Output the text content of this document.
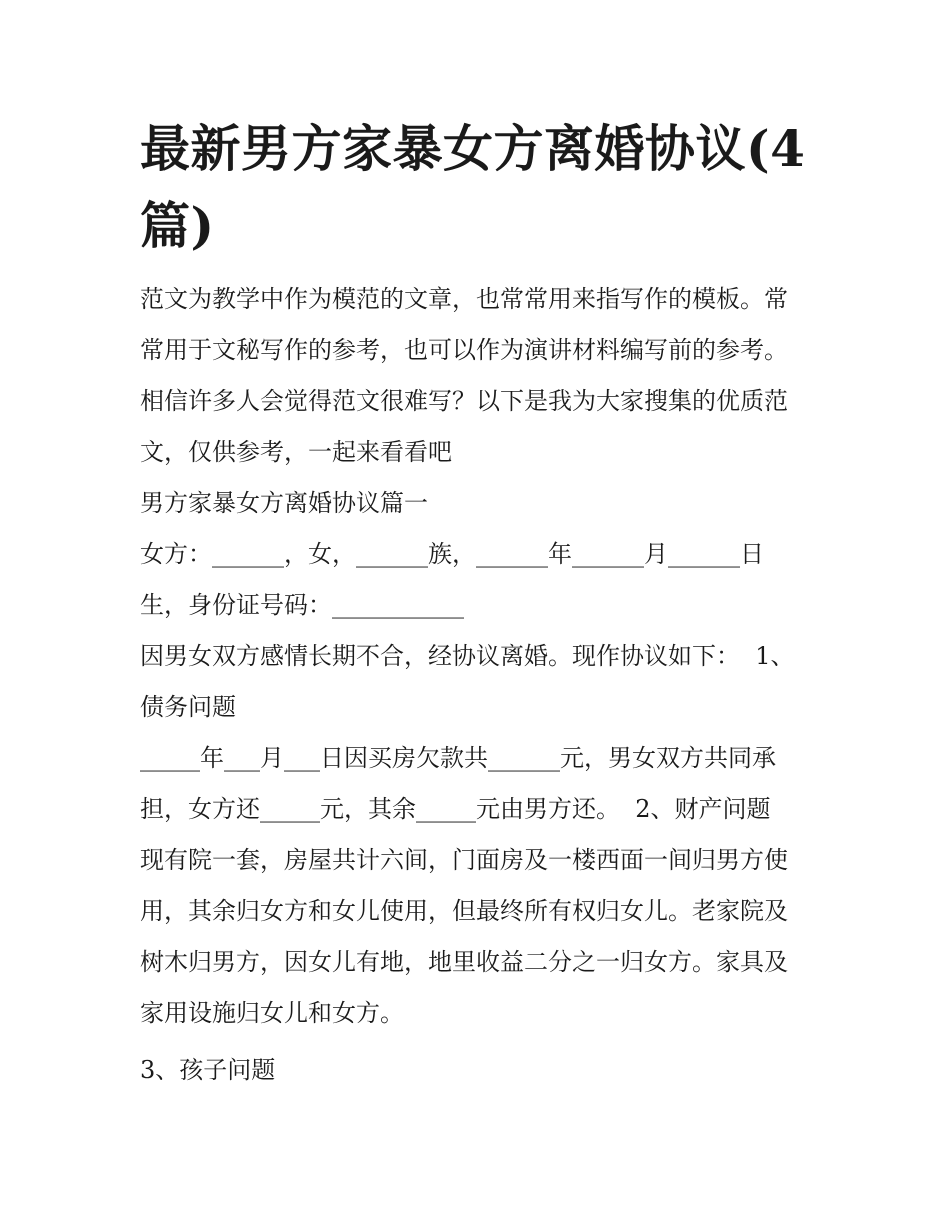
最新男方家暴女方离婚协议(4
篇)

范文为教学中作为模范的文章，也常常用来指写作的模板。常

常用于文秘写作的参考，也可以作为演讲材料编写前的参考。

相信许多人会觉得范文很难写？以下是我为大家搜集的优质范

文，仅供参考，一起来看看吧

男方家暴女方离婚协议篇一

女方：______，女，______族，______年______月______日

生，身份证号码：___________

因男女双方感情长期不合，经协议离婚。现作协议如下：  1、

债务问题

_____年___月___日因买房欠款共______元，男女双方共同承

担，女方还_____元，其余_____元由男方还。  2、财产问题

现有院一套，房屋共计六间，门面房及一楼西面一间归男方使

用，其余归女方和女儿使用，但最终所有权归女儿。老家院及

树木归男方，因女儿有地，地里收益二分之一归女方。家具及

家用设施归女儿和女方。

3、孩子问题
